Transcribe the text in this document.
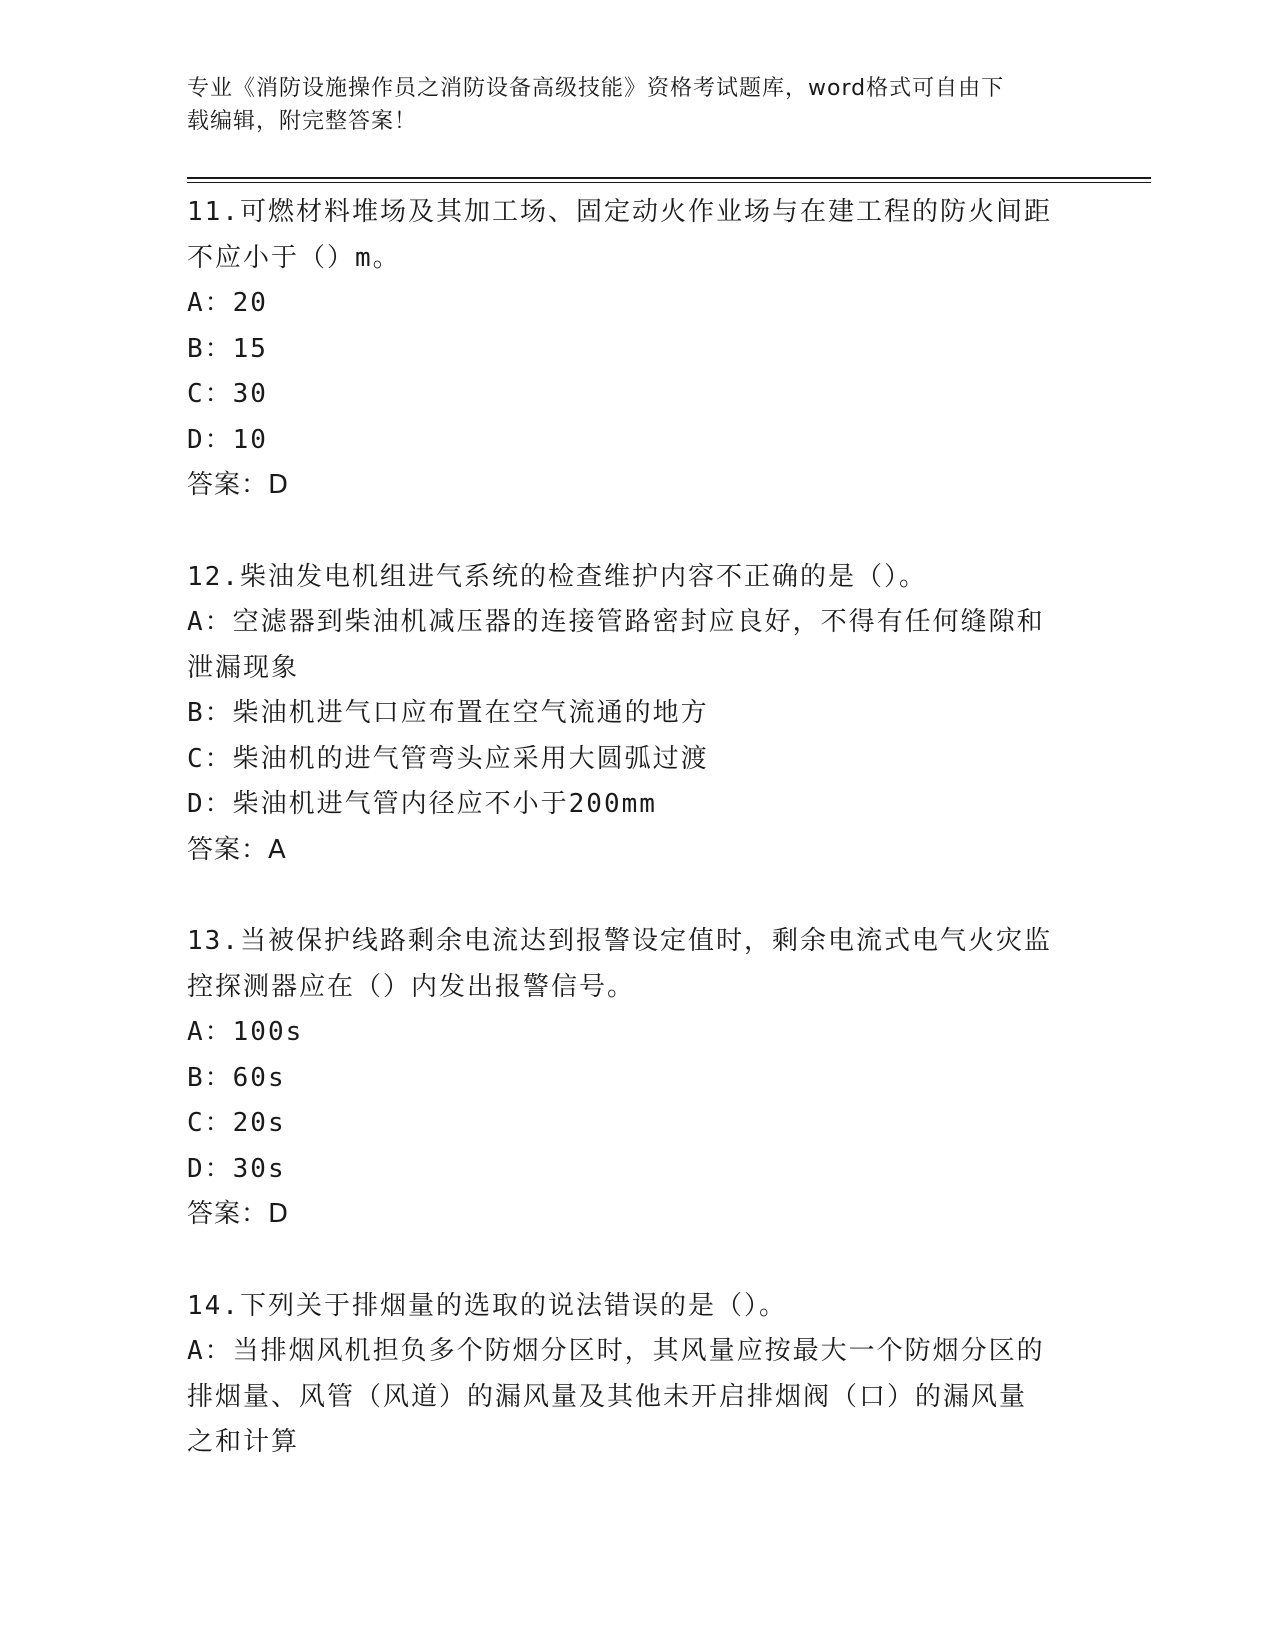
专业《消防设施操作员之消防设备高级技能》资格考试题库，word格式可自由下
载编辑，附完整答案！
11.可燃材料堆场及其加工场、固定动火作业场与在建工程的防火间距
不应小于（）m。
A：20
B：15
C：30
D：10
答案：D
12.柴油发电机组进气系统的检查维护内容不正确的是（）。
A：空滤器到柴油机减压器的连接管路密封应良好，不得有任何缝隙和
泄漏现象
B：柴油机进气口应布置在空气流通的地方
C：柴油机的进气管弯头应采用大圆弧过渡
D：柴油机进气管内径应不小于200mm
答案：A
13.当被保护线路剩余电流达到报警设定值时，剩余电流式电气火灾监
控探测器应在（）内发出报警信号。
A：100s
B：60s
C：20s
D：30s
答案：D
14.下列关于排烟量的选取的说法错误的是（）。
A：当排烟风机担负多个防烟分区时，其风量应按最大一个防烟分区的
排烟量、风管（风道）的漏风量及其他未开启排烟阀（口）的漏风量
之和计算
